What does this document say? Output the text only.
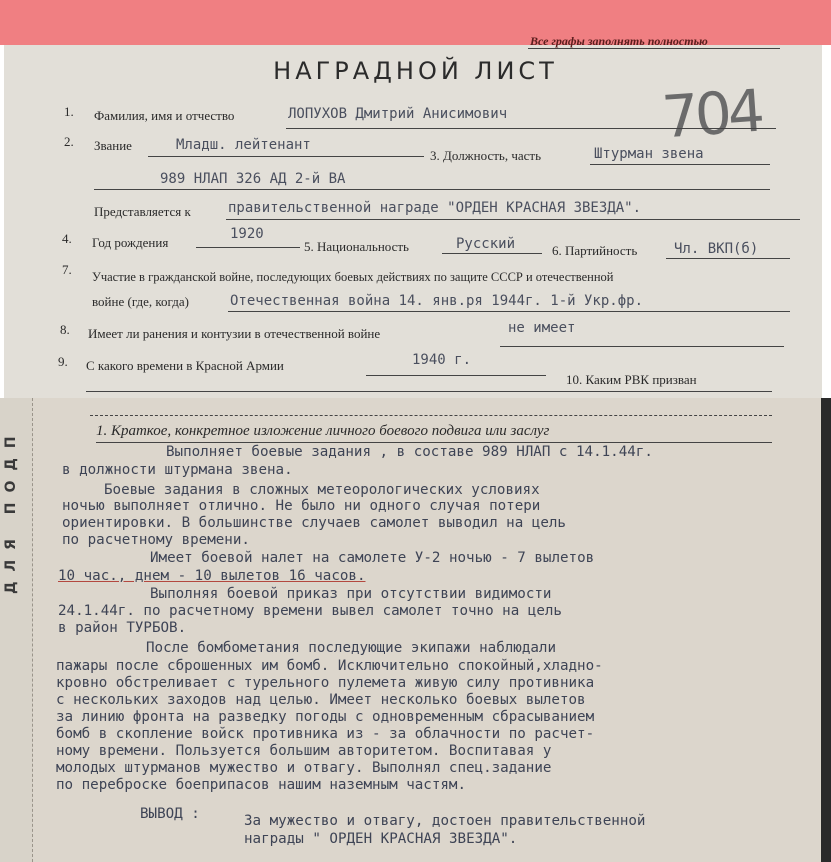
ДЛЯ ПОДП
Все графы заполнять полностью
НАГРАДНОЙ ЛИСТ
704
1. Фамилия, имя и отчество	ЛОПУХОВ Дмитрий Анисимович
2. Звание	Младш. лейтенант
3. Должность, часть	Штурман звена
989 НЛАП 326 АД 2-й ВА
Представляется к	правительственной награде "ОРДЕН КРАСНАЯ ЗВЕЗДА".
4. Год рождения
1920
5. Национальность	Русский	6. Партийность	Чл. ВКП(б)
7. Участие в гражданской войне, последующих боевых действиях по защите СССР и отечественной
войне (где, когда)	Отечественная война 14. янв.ря 1944г. 1-й Укр.фр.
8. Имеет ли ранения и контузии в отечественной войне	не имеет
9. С какого времени в Красной Армии	1940 г.
10. Каким РВК призван
1. Краткое, конкретное изложение личного боевого подвига или заслуг
Выполняет боевые задания , в составе 989 НЛАП с 14.1.44г.
в должности штурмана звена.
Боевые задания в сложных метеорологических условиях
ночью выполняет отлично. Не было ни одного случая потери
ориентировки. В большинстве случаев самолет выводил на цель
по расчетному времени.
Имеет боевой налет на самолете У-2 ночью - 7 вылетов
10 час., днем - 10 вылетов 16 часов.
Выполняя боевой приказ при отсутствии видимости
24.1.44г. по расчетному времени вывел самолет точно на цель
в район ТУРБОВ.
После бомбометания последующие экипажи наблюдали
пажары после сброшенных им бомб. Исключительно спокойный,хладно-
кровно обстреливает с турельного пулемета живую силу противника
с нескольких заходов над целью. Имеет несколько боевых вылетов
за линию фронта на разведку погоды с одновременным сбрасыванием
бомб в скопление войск противника из - за облачности по расчет-
ному времени. Пользуется большим авторитетом. Воспитавая у
молодых штурманов мужество и отвагу. Выполнял спец.задание
по переброске боеприпасов нашим наземным частям.
ВЫВОД :	За мужество и отвагу, достоен правительственной
награды " ОРДЕН КРАСНАЯ ЗВЕЗДА".
